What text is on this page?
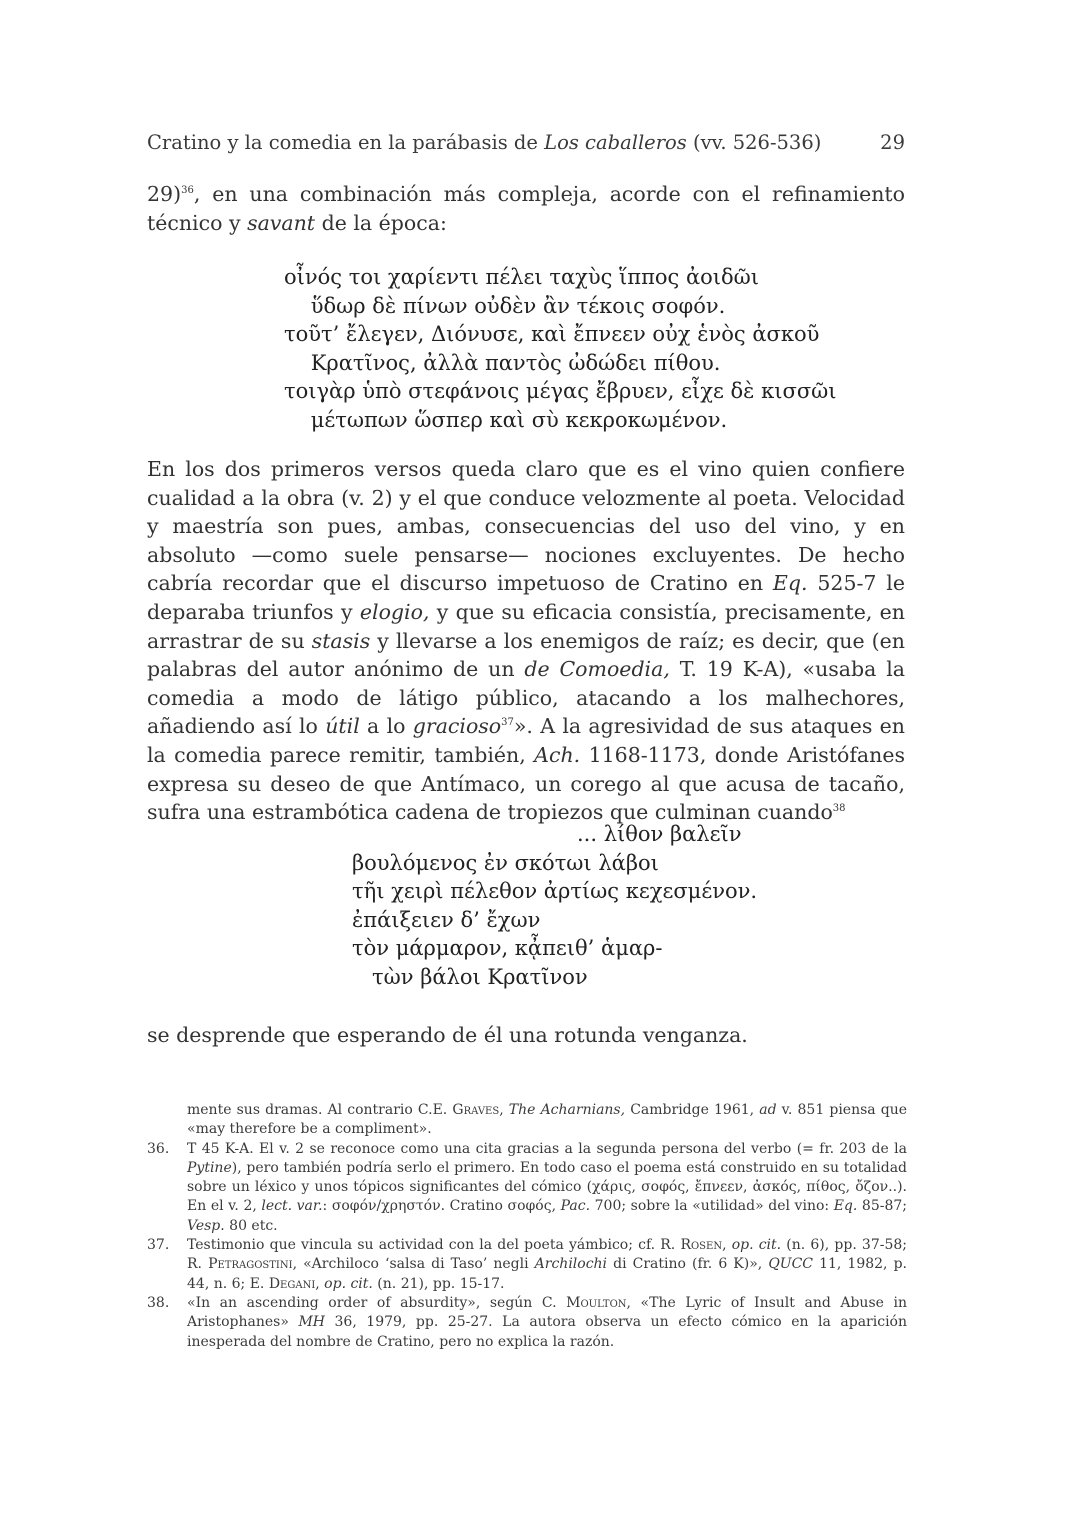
Cratino y la comedia en la parábasis de Los caballeros (vv. 526-536)	29
29)$^{36}$, en una combinación más compleja, acorde con el refinamiento técnico y savant de la época:
οἶνός τοι χαρίεντι πέλει ταχὺς ἵππος ἀοιδῶι
ὕδωρ δὲ πίνων οὐδὲν ἂν τέκοις σοφόν.
τοῦτ’ ἔλεγεν, Διόνυσε, καὶ ἔπνεεν οὐχ ἑνὸς ἀσκοῦ
Κρατῖνος, ἀλλὰ παντὸς ὠδώδει πίθου.
τοιγὰρ ὑπὸ στεφάνοις μέγας ἔβρυεν, εἶχε δὲ κισσῶι
μέτωπων ὥσπερ καὶ σὺ κεκροκωμένον.
En los dos primeros versos queda claro que es el vino quien confiere cualidad a la obra (v. 2) y el que conduce velozmente al poeta. Velocidad y maestría son pues, ambas, consecuencias del uso del vino, y en absoluto —como suele pensarse— nociones excluyentes. De hecho cabría recordar que el discurso impetuoso de Cratino en Eq. 525-7 le deparaba triunfos y elogio, y que su eficacia consistía, precisamente, en arrastrar de su stasis y llevarse a los enemigos de raíz; es decir, que (en palabras del autor anónimo de un de Comoedia, T. 19 K-A), «usaba la comedia a modo de látigo público, atacando a los malhechores, añadiendo así lo útil a lo gracioso$^{37}$». A la agresividad de sus ataques en la comedia parece remitir, también, Ach. 1168-1173, donde Aristófanes expresa su deseo de que Antímaco, un corego al que acusa de tacaño, sufra una estrambótica cadena de tropiezos que culminan cuando$^{38}$
... λίθον βαλεῖν
βουλόμενος ἐν σκότωι λάβοι
τῆι χειρὶ πέλεθον ἀρτίως κεχεσμένον.
ἐπάιξειεν δ’ ἔχων
τὸν μάρμαρον, κᾆπειθ’ ἁμαρ-
τὼν βάλοι Κρατῖνον
se desprende que esperando de él una rotunda venganza.
mente sus dramas. Al contrario C.E. Graves, The Acharnians, Cambridge 1961, ad v. 851 piensa que «may therefore be a compliment».
36.	T 45 K-A. El v. 2 se reconoce como una cita gracias a la segunda persona del verbo (= fr. 203 de la Pytine), pero también podría serlo el primero. En todo caso el poema está construido en su totalidad sobre un léxico y unos tópicos significantes del cómico (χάρις, σοφός, ἔπνεεν, ἀσκός, πίθος, ὄζον..). En el v. 2, lect. var.: σοφόν/χρηστόν. Cratino σοφός, Pac. 700; sobre la «utilidad» del vino: Eq. 85-87; Vesp. 80 etc.
37.	Testimonio que vincula su actividad con la del poeta yámbico; cf. R. Rosen, op. cit. (n. 6), pp. 37-58; R. Petragostini, «Archiloco ‘salsa di Taso’ negli Archilochi di Cratino (fr. 6 K)», QUCC 11, 1982, p. 44, n. 6; E. Degani, op. cit. (n. 21), pp. 15-17.
38.	«In an ascending order of absurdity», según C. Moulton, «The Lyric of Insult and Abuse in Aristophanes» MH 36, 1979, pp. 25-27. La autora observa un efecto cómico en la aparición inesperada del nombre de Cratino, pero no explica la razón.
